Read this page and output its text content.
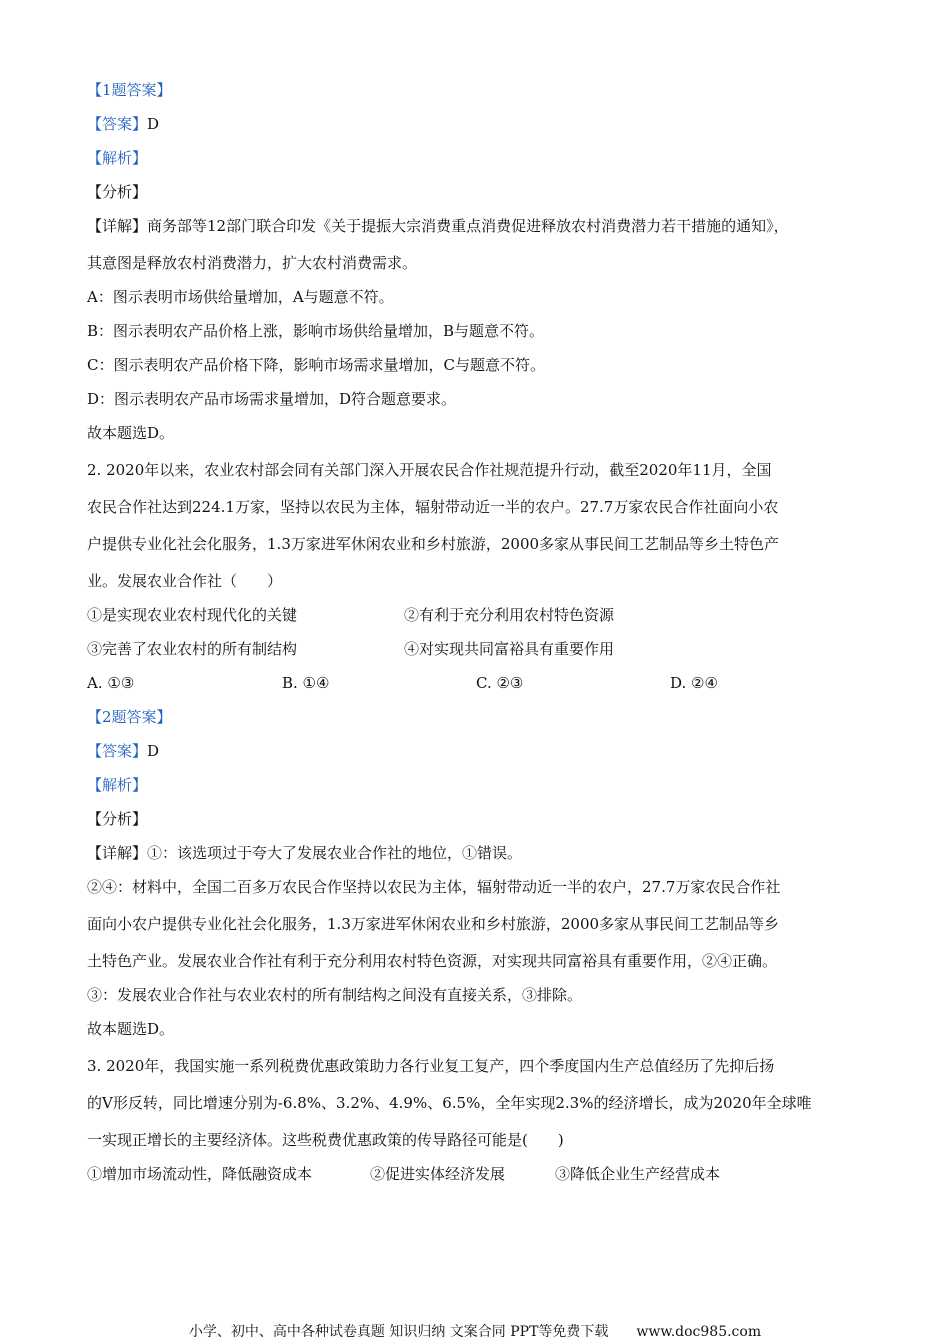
【1题答案】

【答案】D

【解析】

【分析】

【详解】商务部等12部门联合印发《关于提振大宗消费重点消费促进释放农村消费潜力若干措施的通知》，

其意图是释放农村消费潜力，扩大农村消费需求。

A：图示表明市场供给量增加，A与题意不符。

B：图示表明农产品价格上涨，影响市场供给量增加，B与题意不符。

C：图示表明农产品价格下降，影响市场需求量增加，C与题意不符。

D：图示表明农产品市场需求量增加，D符合题意要求。

故本题选D。

2. 2020年以来，农业农村部会同有关部门深入开展农民合作社规范提升行动，截至2020年11月，全国

农民合作社达到224.1万家，坚持以农民为主体，辐射带动近一半的农户。27.7万家农民合作社面向小农

户提供专业化社会化服务，1.3万家进军休闲农业和乡村旅游，2000多家从事民间工艺制品等乡土特色产

业。发展农业合作社（　　）

①是实现农业农村现代化的关键	②有利于充分利用农村特色资源

③完善了农业农村的所有制结构	④对实现共同富裕具有重要作用

A. ①③	B. ①④	C. ②③	D. ②④

【2题答案】

【答案】D

【解析】

【分析】

【详解】①：该选项过于夸大了发展农业合作社的地位，①错误。

②④：材料中，全国二百多万农民合作坚持以农民为主体，辐射带动近一半的农户，27.7万家农民合作社

面向小农户提供专业化社会化服务，1.3万家进军休闲农业和乡村旅游，2000多家从事民间工艺制品等乡

土特色产业。发展农业合作社有利于充分利用农村特色资源，对实现共同富裕具有重要作用，②④正确。

③：发展农业合作社与农业农村的所有制结构之间没有直接关系，③排除。

故本题选D。

3. 2020年，我国实施一系列税费优惠政策助力各行业复工复产，四个季度国内生产总值经历了先抑后扬

的V形反转，同比增速分别为-6.8%、3.2%、4.9%、6.5%，全年实现2.3%的经济增长，成为2020年全球唯

一实现正增长的主要经济体。这些税费优惠政策的传导路径可能是(　　)

①增加市场流动性，降低融资成本	②促进实体经济发展	③降低企业生产经营成本

小学、初中、高中各种试卷真题 知识归纳 文案合同 PPT等免费下载　　www.doc985.com
